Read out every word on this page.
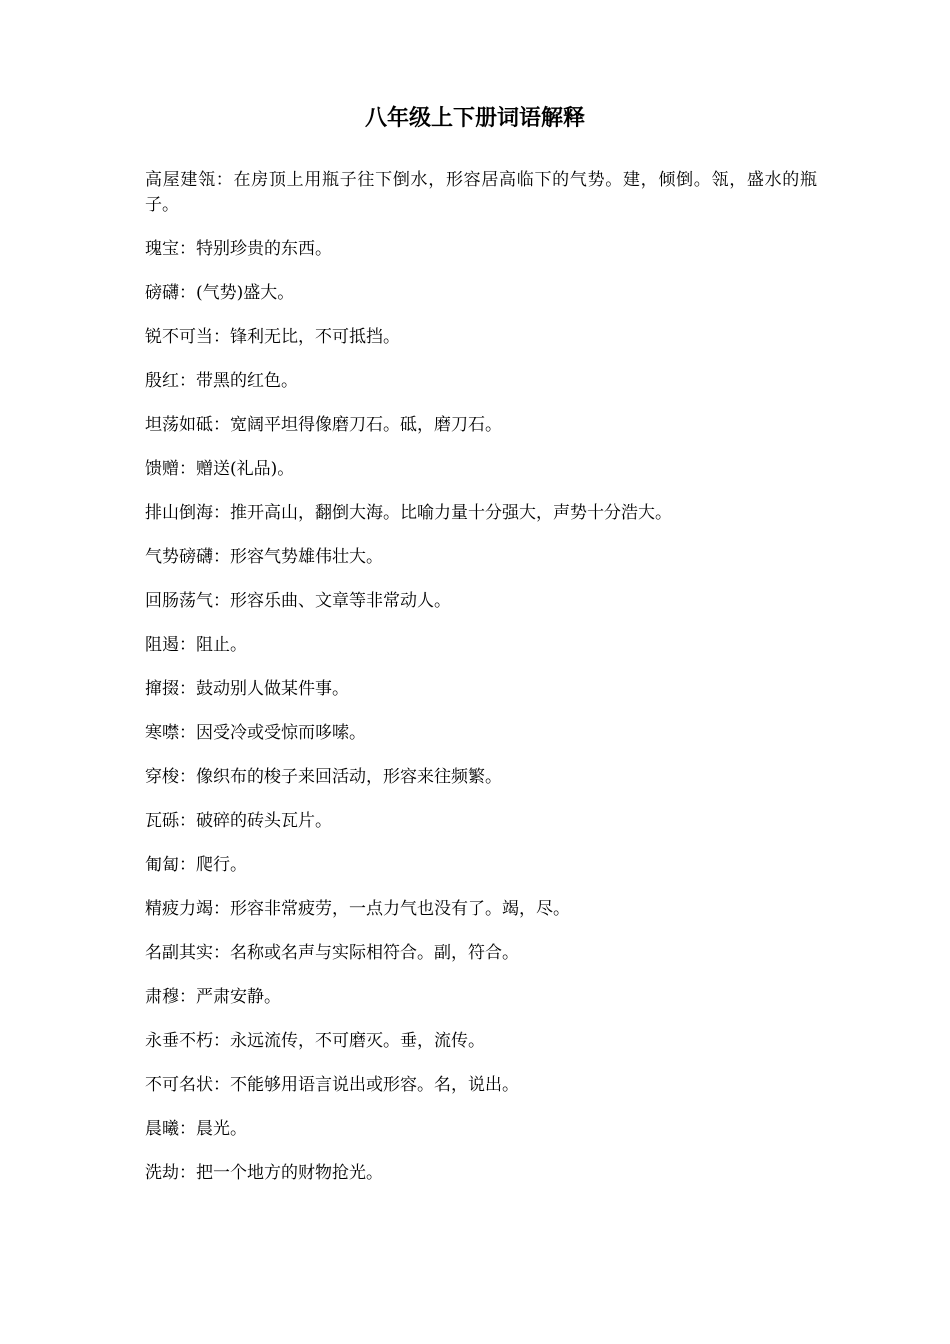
八年级上下册词语解释

高屋建瓴：在房顶上用瓶子往下倒水，形容居高临下的气势。建，倾倒。瓴，盛水的瓶子。

瑰宝：特别珍贵的东西。

磅礴：(气势)盛大。

锐不可当：锋利无比，不可抵挡。

殷红：带黑的红色。

坦荡如砥：宽阔平坦得像磨刀石。砥，磨刀石。

馈赠：赠送(礼品)。

排山倒海：推开高山，翻倒大海。比喻力量十分强大，声势十分浩大。

气势磅礴：形容气势雄伟壮大。

回肠荡气：形容乐曲、文章等非常动人。

阻遏：阻止。

撺掇：鼓动别人做某件事。

寒噤：因受冷或受惊而哆嗦。

穿梭：像织布的梭子来回活动，形容来往频繁。

瓦砾：破碎的砖头瓦片。

匍匐：爬行。

精疲力竭：形容非常疲劳，一点力气也没有了。竭，尽。

名副其实：名称或名声与实际相符合。副，符合。

肃穆：严肃安静。

永垂不朽：永远流传，不可磨灭。垂，流传。

不可名状：不能够用语言说出或形容。名，说出。

晨曦：晨光。

洗劫：把一个地方的财物抢光。
